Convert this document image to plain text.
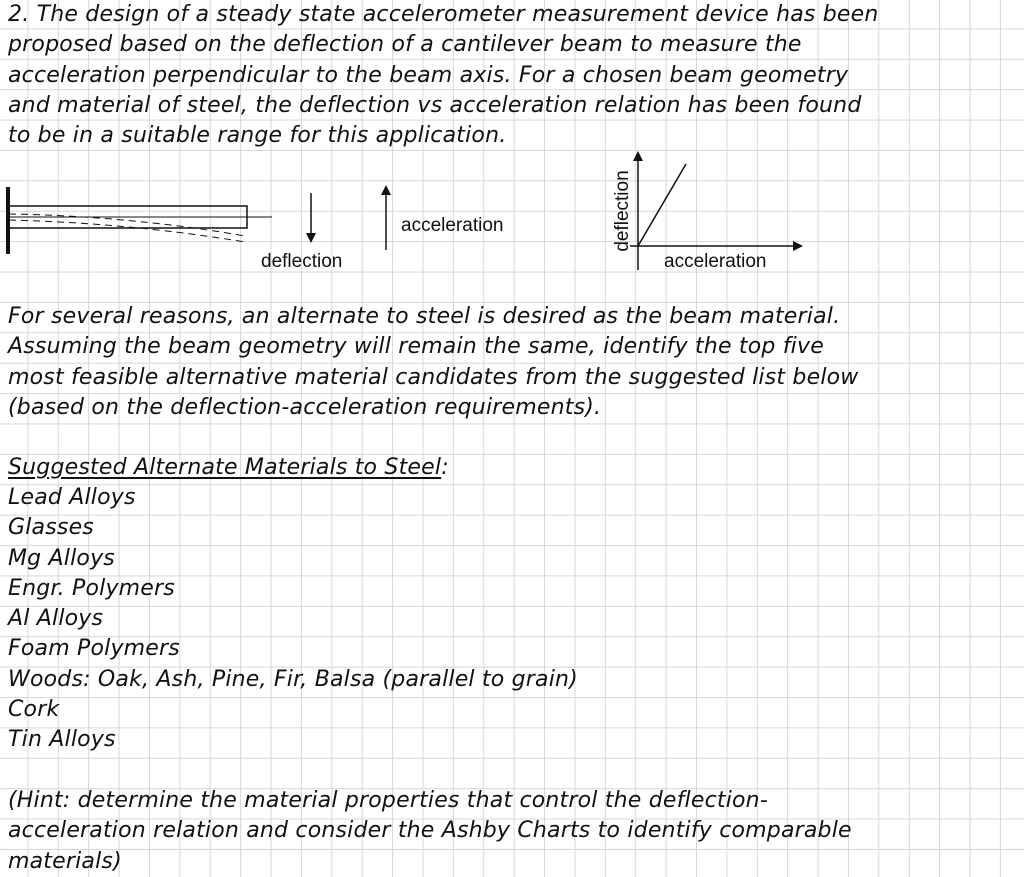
2. The design of a steady state accelerometer measurement device has been
proposed based on the deflection of a cantilever beam to measure the
acceleration perpendicular to the beam axis. For a chosen beam geometry
and material of steel, the deflection vs acceleration relation has been found
to be in a suitable range for this application.
deflection
acceleration
acceleration
deflection
For several reasons, an alternate to steel is desired as the beam material.
Assuming the beam geometry will remain the same, identify the top five
most feasible alternative material candidates from the suggested list below
(based on the deflection-acceleration requirements).
Suggested Alternate Materials to Steel:
Lead Alloys
Glasses
Mg Alloys
Engr. Polymers
Al Alloys
Foam Polymers
Woods: Oak, Ash, Pine, Fir, Balsa (parallel to grain)
Cork
Tin Alloys
(Hint: determine the material properties that control the deflection-
acceleration relation and consider the Ashby Charts to identify comparable
materials)
